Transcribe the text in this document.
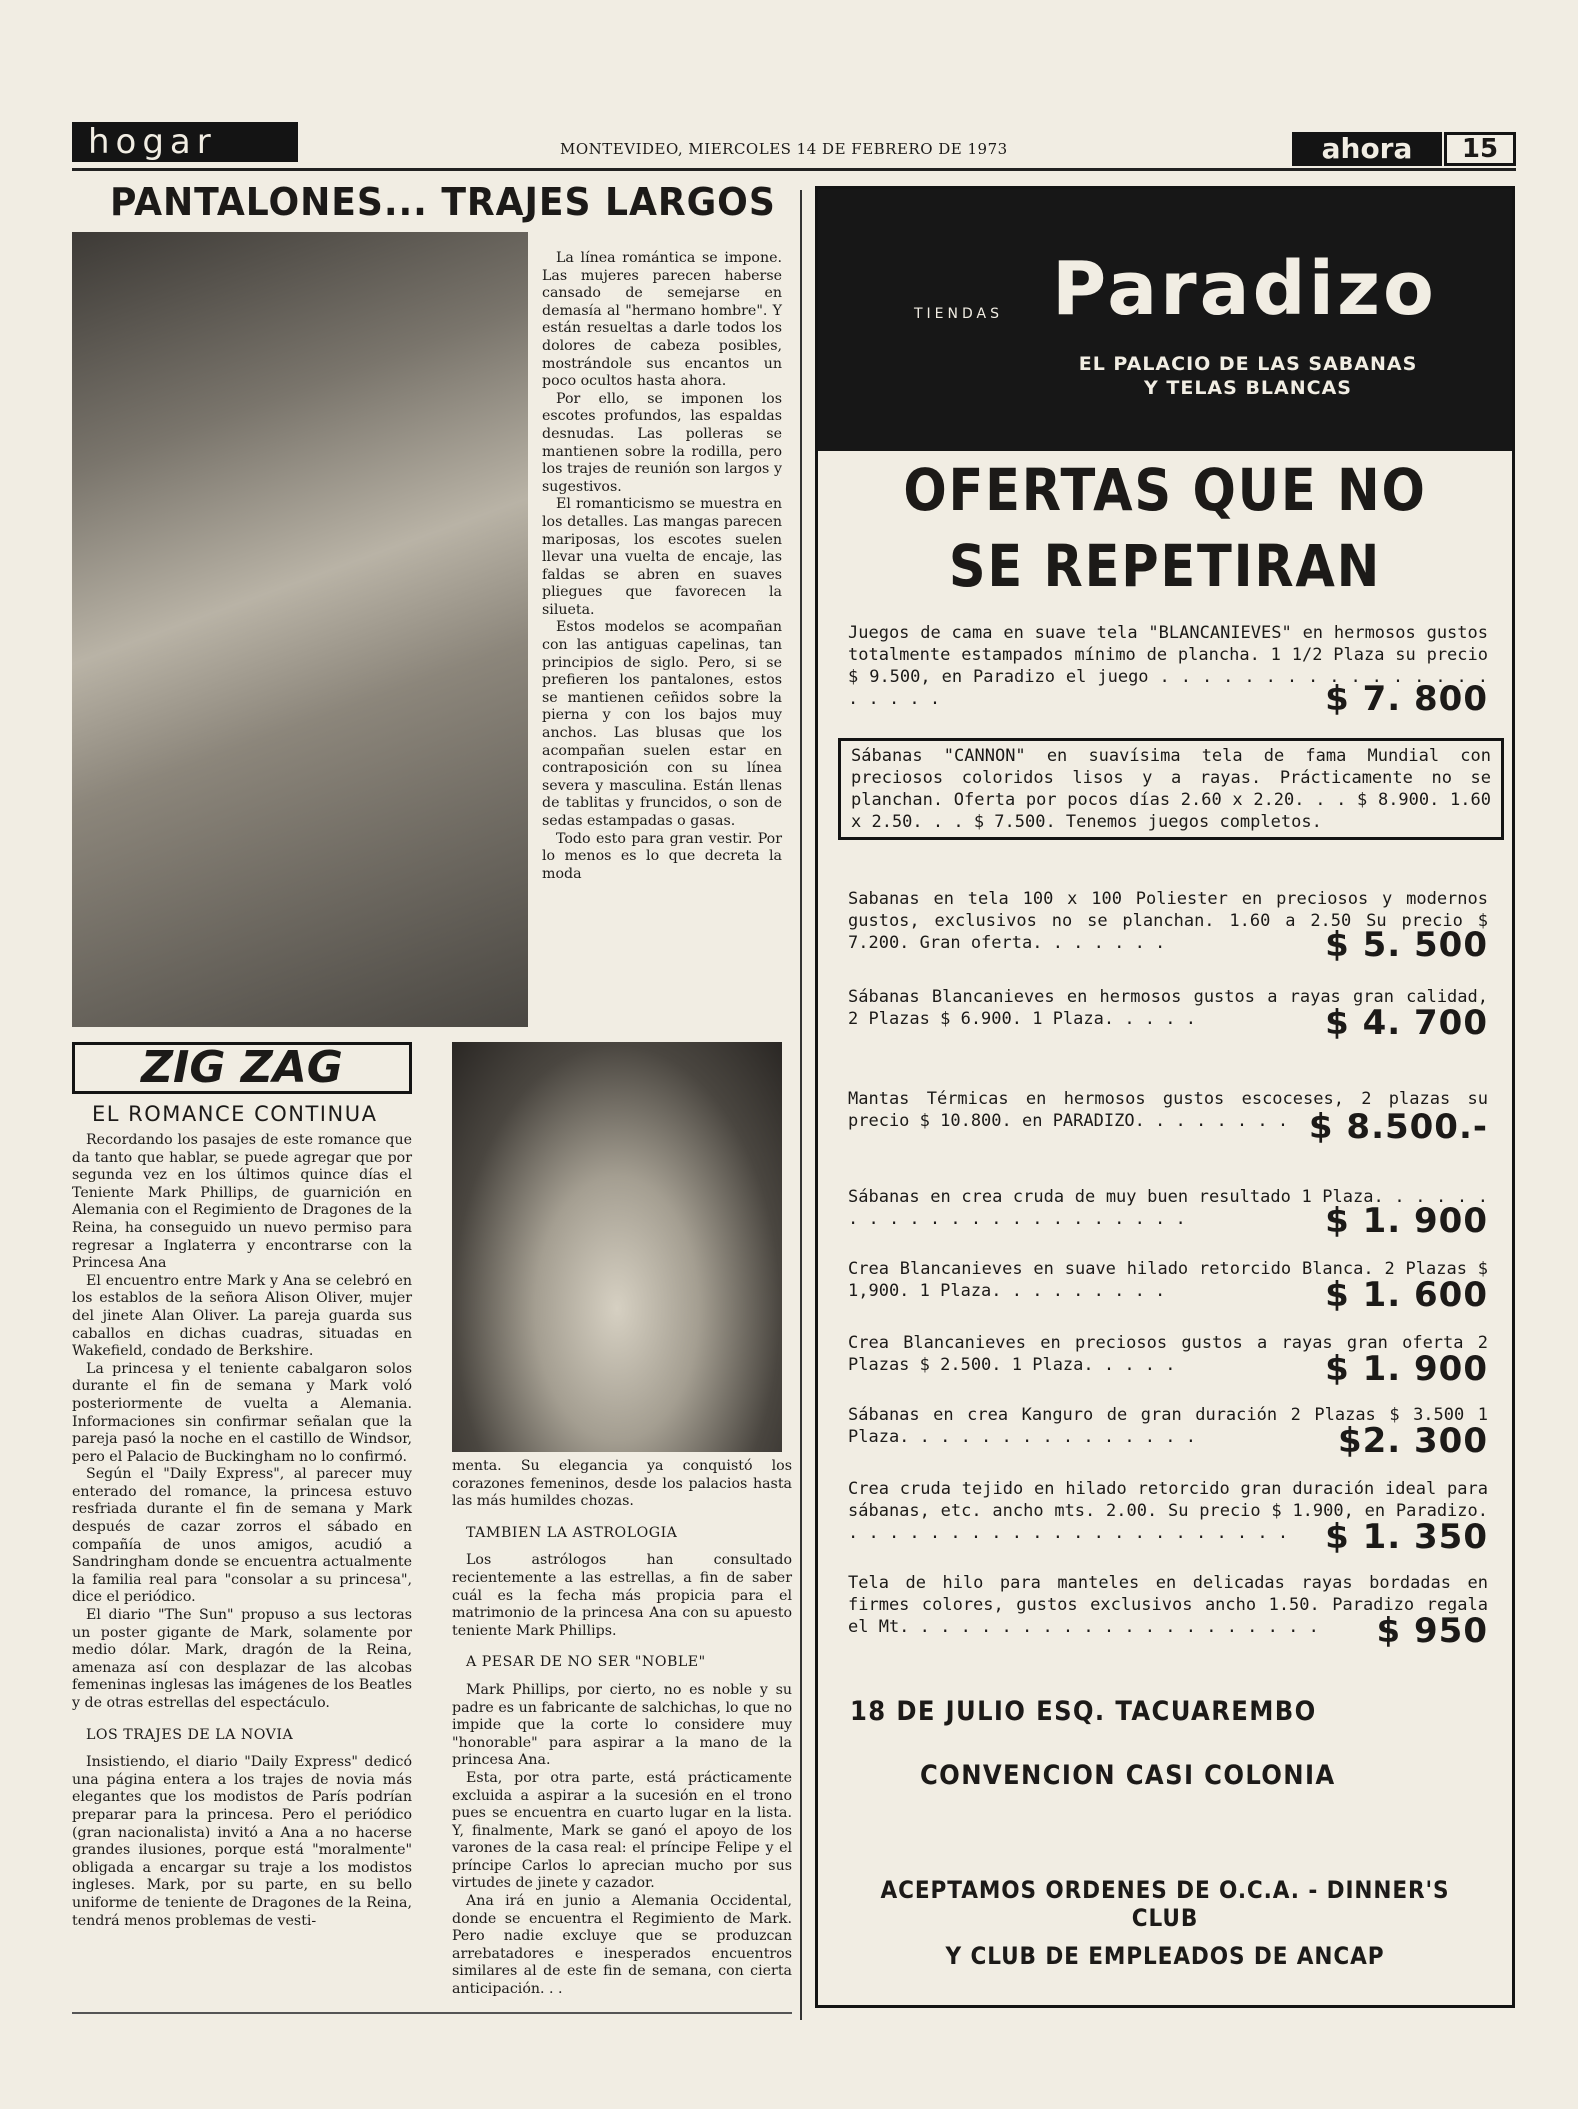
hogar	MONTEVIDEO, MIERCOLES 14 DE FEBRERO DE 1973	ahora	15
PANTALONES... TRAJES LARGOS

La línea romántica se impone. Las mujeres parecen haberse cansado de semejarse en demasía al "hermano hombre". Y están resueltas a darle todos los dolores de cabeza posibles, mostrándole sus encantos un poco ocultos hasta ahora.

Por ello, se imponen los escotes profundos, las espaldas desnudas. Las polleras se mantienen sobre la rodilla, pero los trajes de reunión son largos y sugestivos.

El romanticismo se muestra en los detalles. Las mangas parecen mariposas, los escotes suelen llevar una vuelta de encaje, las faldas se abren en suaves pliegues que favorecen la silueta.

Estos modelos se acompañan con las antiguas capelinas, tan principios de siglo. Pero, si se prefieren los pantalones, estos se mantienen ceñidos sobre la pierna y con los bajos muy anchos. Las blusas que los acompañan suelen estar en contraposición con su línea severa y masculina. Están llenas de tablitas y fruncidos, o son de sedas estampadas o gasas.

Todo esto para gran vestir. Por lo menos es lo que decreta la moda

ZIG ZAG
EL ROMANCE CONTINUA

Recordando los pasajes de este romance que da tanto que hablar, se puede agregar que por segunda vez en los últimos quince días el Teniente Mark Phillips, de guarnición en Alemania con el Regimiento de Dragones de la Reina, ha conseguido un nuevo permiso para regresar a Inglaterra y encontrarse con la Princesa Ana

El encuentro entre Mark y Ana se celebró en los establos de la señora Alison Oliver, mujer del jinete Alan Oliver. La pareja guarda sus caballos en dichas cuadras, situadas en Wakefield, condado de Berkshire.

La princesa y el teniente cabalgaron solos durante el fin de semana y Mark voló posteriormente de vuelta a Alemania. Informaciones sin confirmar señalan que la pareja pasó la noche en el castillo de Windsor, pero el Palacio de Buckingham no lo confirmó.

Según el "Daily Express", al parecer muy enterado del romance, la princesa estuvo resfriada durante el fin de semana y Mark después de cazar zorros el sábado en compañía de unos amigos, acudió a Sandringham donde se encuentra actualmente la familia real para "consolar a su princesa", dice el periódico.

El diario "The Sun" propuso a sus lectoras un poster gigante de Mark, solamente por medio dólar. Mark, dragón de la Reina, amenaza así con desplazar de las alcobas femeninas inglesas las imágenes de los Beatles y de otras estrellas del espectáculo.

LOS TRAJES DE LA NOVIA

Insistiendo, el diario "Daily Express" dedicó una página entera a los trajes de novia más elegantes que los modistos de París podrían preparar para la princesa. Pero el periódico (gran nacionalista) invitó a Ana a no hacerse grandes ilusiones, porque está "moralmente" obligada a encargar su traje a los modistos ingleses. Mark, por su parte, en su bello uniforme de teniente de Dragones de la Reina, tendrá menos problemas de vesti-

menta. Su elegancia ya conquistó los corazones femeninos, desde los palacios hasta las más humildes chozas.

TAMBIEN LA ASTROLOGIA

Los astrólogos han consultado recientemente a las estrellas, a fin de saber cuál es la fecha más propicia para el matrimonio de la princesa Ana con su apuesto teniente Mark Phillips.

A PESAR DE NO SER "NOBLE"

Mark Phillips, por cierto, no es noble y su padre es un fabricante de salchichas, lo que no impide que la corte lo considere muy "honorable" para aspirar a la mano de la princesa Ana.

Esta, por otra parte, está prácticamente excluida a aspirar a la sucesión en el trono pues se encuentra en cuarto lugar en la lista. Y, finalmente, Mark se ganó el apoyo de los varones de la casa real: el príncipe Felipe y el príncipe Carlos lo aprecian mucho por sus virtudes de jinete y cazador.

Ana irá en junio a Alemania Occidental, donde se encuentra el Regimiento de Mark. Pero nadie excluye que se produzcan arrebatadores e inesperados encuentros similares al de este fin de semana, con cierta anticipación. . .

TIENDAS Paradizo
EL PALACIO DE LAS SABANAS
Y TELAS BLANCAS
OFERTAS QUE NO
SE REPETIRAN
Juegos de cama en suave tela "BLANCANIEVES" en hermosos gustos totalmente estampados mínimo de plancha. 1 1/2 Plaza su precio $ 9.500, en Paradizo el juego . . . . . . . . . . . . . . . . . . . . .	$ 7. 800
Sábanas "CANNON" en suavísima tela de fama Mundial con preciosos coloridos lisos y a rayas. Prácticamente no se planchan. Oferta por pocos días 2.60 x 2.20. . . $ 8.900. 1.60 x 2.50. . . $ 7.500. Tenemos juegos completos.
Sabanas en tela 100 x 100 Poliester en preciosos y modernos gustos, exclusivos no se planchan. 1.60 a 2.50 Su precio $ 7.200. Gran oferta. . . . . . .	$ 5. 500
Sábanas Blancanieves en hermosos gustos a rayas gran calidad, 2 Plazas $ 6.900. 1 Plaza. . . . .	$ 4. 700
Mantas Térmicas en hermosos gustos escoceses, 2 plazas su precio $ 10.800. en PARADIZO. . . . . . . . $ 8.500.-
Sábanas en crea cruda de muy buen resultado 1 Plaza. . . . . . . . . . . . . . . . . . . . . . .	$ 1. 900
Crea Blancanieves en suave hilado retorcido Blanca. 2 Plazas $ 1,900. 1 Plaza. . . . . . . . .	$ 1. 600
Crea Blancanieves en preciosos gustos a rayas gran oferta 2 Plazas $ 2.500. 1 Plaza. . . . .	$ 1. 900
Sábanas en crea Kanguro de gran duración 2 Plazas $ 3.500 1 Plaza. . . . . . . . . . . . . . .	$2. 300
Crea cruda tejido en hilado retorcido gran duración ideal para sábanas, etc. ancho mts. 2.00. Su precio $ 1.900, en Paradizo. . . . . . . . . . . . . . . . . . . . . . . $ 1. 350
Tela de hilo para manteles en delicadas rayas bordadas en firmes colores, gustos exclusivos ancho 1.50. Paradizo regala el Mt. . . . . . . . . . . . . . . . . . . . . $ 950
18 DE JULIO ESQ. TACUAREMBO
CONVENCION CASI COLONIA
ACEPTAMOS ORDENES DE O.C.A. - DINNER'S CLUB
Y CLUB DE EMPLEADOS DE ANCAP
